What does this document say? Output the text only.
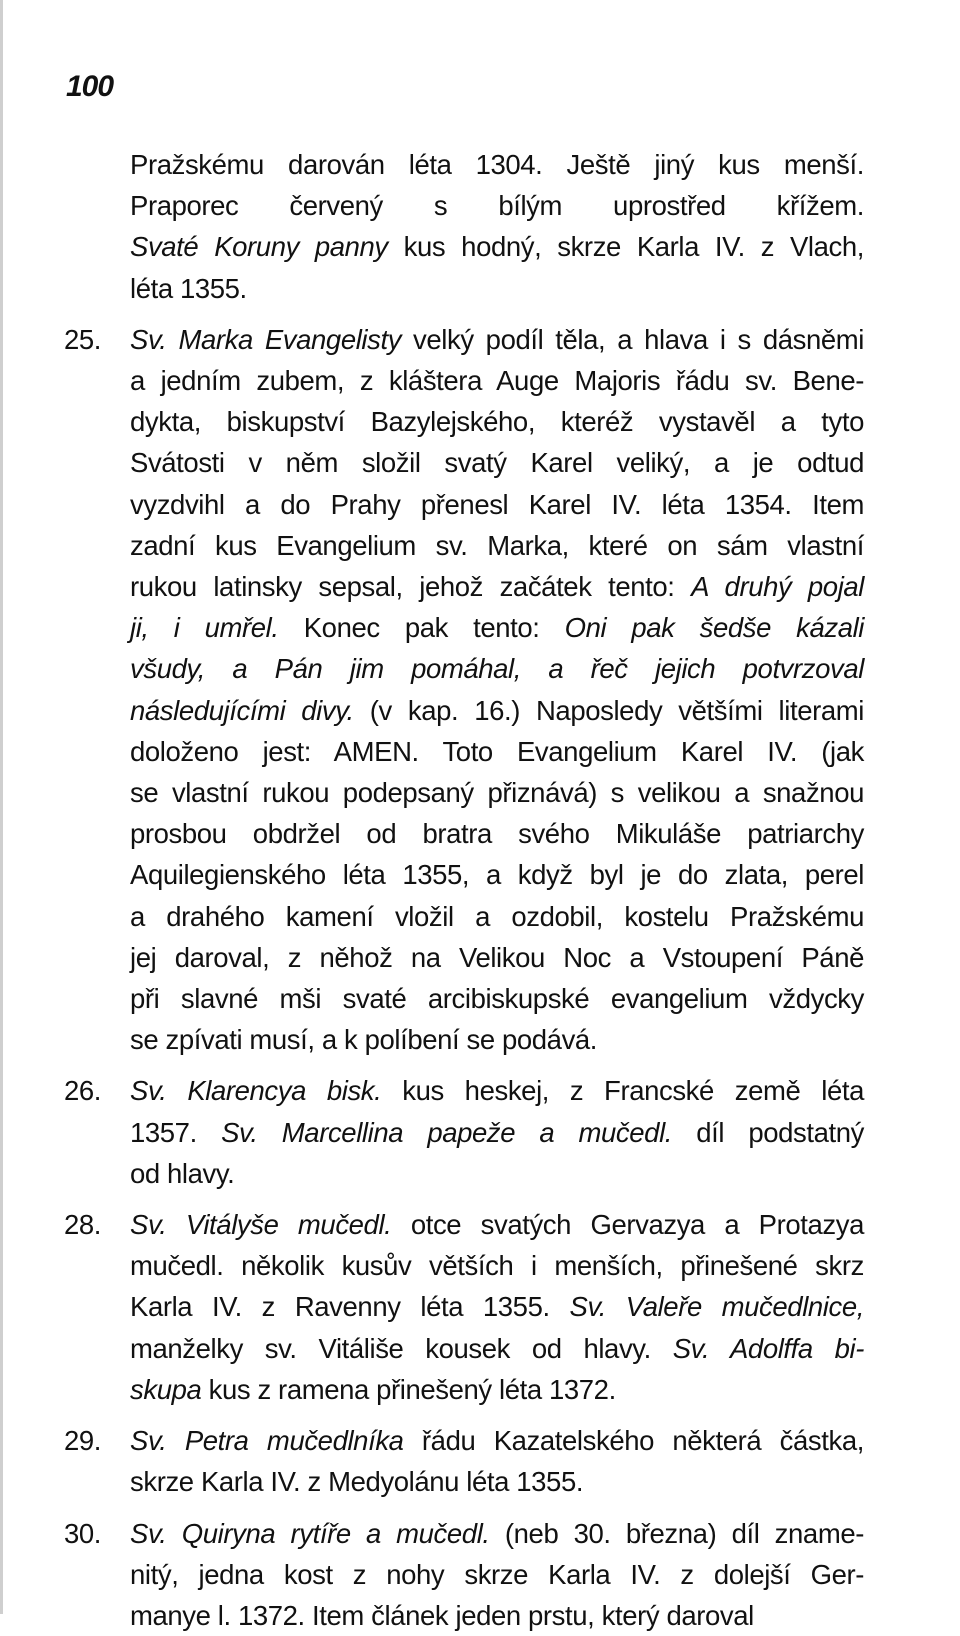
100
Pražskému darován léta 1304. Ještě jiný kus menší.
Praporec červený s bílým uprostřed křížem.
Svaté Koruny panny kus hodný, skrze Karla IV. z Vlach,
léta 1355.
25. Sv. Marka Evangelisty velký podíl těla, a hlava i s dásněmi
a jedním zubem, z kláštera Auge Majoris řádu sv. Bene-
dykta, biskupství Bazylejského, kteréž vystavěl a tyto
Svátosti v něm složil svatý Karel veliký, a je odtud
vyzdvihl a do Prahy přenesl Karel IV. léta 1354. Item
zadní kus Evangelium sv. Marka, které on sám vlastní
rukou latinsky sepsal, jehož začátek tento: A druhý pojal
ji, i umřel. Konec pak tento: Oni pak šedše kázali
všudy, a Pán jim pomáhal, a řeč jejich potvrzoval
následujícími divy. (v kap. 16.) Naposledy většími literami
doloženo jest: AMEN. Toto Evangelium Karel IV. (jak
se vlastní rukou podepsaný přiznává) s velikou a snažnou
prosbou obdržel od bratra svého Mikuláše patriarchy
Aquilegienského léta 1355, a když byl je do zlata, perel
a drahého kamení vložil a ozdobil, kostelu Pražskému
jej daroval, z něhož na Velikou Noc a Vstoupení Páně
při slavné mši svaté arcibiskupské evangelium vždycky
se zpívati musí, a k políbení se podává.
26. Sv. Klarencya bisk. kus heskej, z Francské země léta
1357. Sv. Marcellina papeže a mučedl. díl podstatný
od hlavy.
28. Sv. Vitályše mučedl. otce svatých Gervazya a Protazya
mučedl. několik kusův větších i menších, přinešené skrz
Karla IV. z Ravenny léta 1355. Sv. Valeře mučedlnice,
manželky sv. Vitáliše kousek od hlavy. Sv. Adolffa bi-
skupa kus z ramena přinešený léta 1372.
29. Sv. Petra mučedlníka řádu Kazatelského některá částka,
skrze Karla IV. z Medyolánu léta 1355.
30. Sv. Quiryna rytíře a mučedl. (neb 30. března) díl zname-
nitý, jedna kost z nohy skrze Karla IV. z dolejší Ger-
manye l. 1372. Item článek jeden prstu, který daroval
